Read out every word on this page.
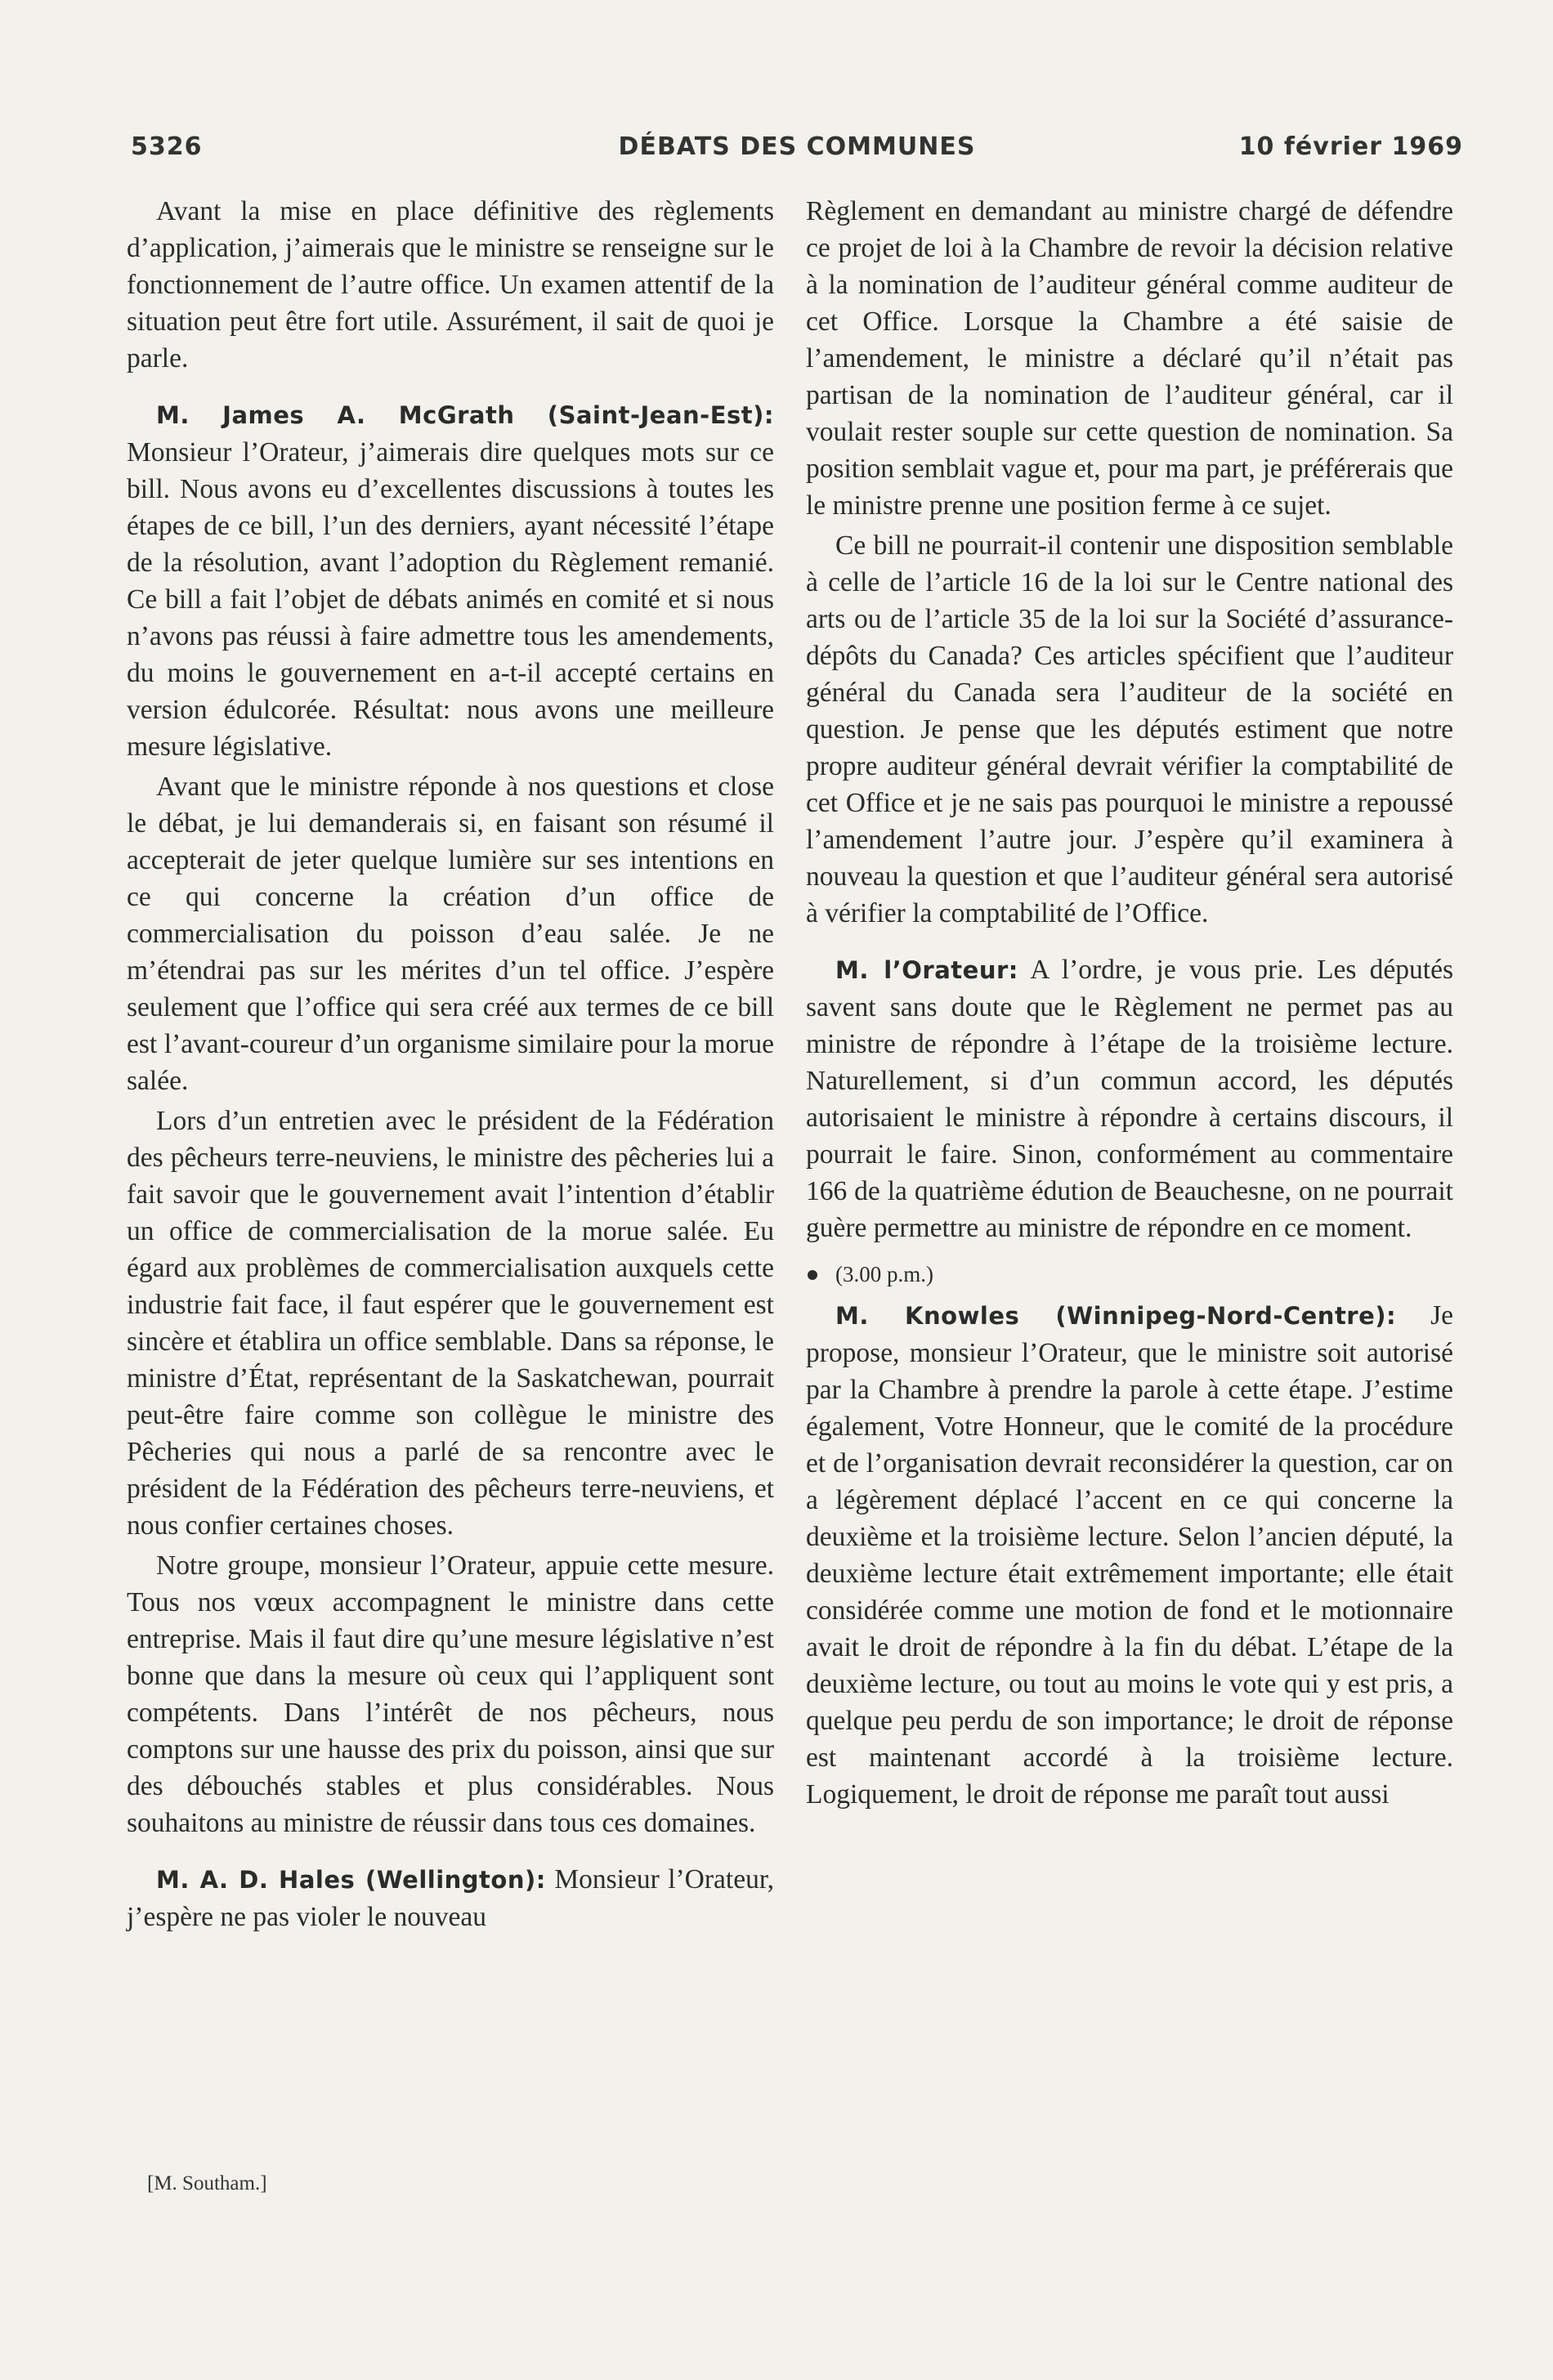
5326	DÉBATS DES COMMUNES	10 février 1969

Avant la mise en place définitive des règlements d’application, j’aimerais que le ministre se renseigne sur le fonctionnement de l’autre office. Un examen attentif de la situation peut être fort utile. Assurément, il sait de quoi je parle.

M. James A. McGrath (Saint-Jean-Est): Monsieur l’Orateur, j’aimerais dire quelques mots sur ce bill. Nous avons eu d’excellentes discussions à toutes les étapes de ce bill, l’un des derniers, ayant nécessité l’étape de la résolution, avant l’adoption du Règlement remanié. Ce bill a fait l’objet de débats animés en comité et si nous n’avons pas réussi à faire admettre tous les amendements, du moins le gouvernement en a-t-il accepté certains en version édulcorée. Résultat: nous avons une meilleure mesure législative.

Avant que le ministre réponde à nos questions et close le débat, je lui demanderais si, en faisant son résumé il accepterait de jeter quelque lumière sur ses intentions en ce qui concerne la création d’un office de commercialisation du poisson d’eau salée. Je ne m’étendrai pas sur les mérites d’un tel office. J’espère seulement que l’office qui sera créé aux termes de ce bill est l’avant-coureur d’un organisme similaire pour la morue salée.

Lors d’un entretien avec le président de la Fédération des pêcheurs terre-neuviens, le ministre des pêcheries lui a fait savoir que le gouvernement avait l’intention d’établir un office de commercialisation de la morue salée. Eu égard aux problèmes de commercialisation auxquels cette industrie fait face, il faut espérer que le gouvernement est sincère et établira un office semblable. Dans sa réponse, le ministre d’État, représentant de la Saskatchewan, pourrait peut-être faire comme son collègue le ministre des Pêcheries qui nous a parlé de sa rencontre avec le président de la Fédération des pêcheurs terre-neuviens, et nous confier certaines choses.

Notre groupe, monsieur l’Orateur, appuie cette mesure. Tous nos vœux accompagnent le ministre dans cette entreprise. Mais il faut dire qu’une mesure législative n’est bonne que dans la mesure où ceux qui l’appliquent sont compétents. Dans l’intérêt de nos pêcheurs, nous comptons sur une hausse des prix du poisson, ainsi que sur des débouchés stables et plus considérables. Nous souhaitons au ministre de réussir dans tous ces domaines.

M. A. D. Hales (Wellington): Monsieur l’Orateur, j’espère ne pas violer le nouveau

Règlement en demandant au ministre chargé de défendre ce projet de loi à la Chambre de revoir la décision relative à la nomination de l’auditeur général comme auditeur de cet Office. Lorsque la Chambre a été saisie de l’amendement, le ministre a déclaré qu’il n’était pas partisan de la nomination de l’auditeur général, car il voulait rester souple sur cette question de nomination. Sa position semblait vague et, pour ma part, je préférerais que le ministre prenne une position ferme à ce sujet.

Ce bill ne pourrait-il contenir une disposition semblable à celle de l’article 16 de la loi sur le Centre national des arts ou de l’article 35 de la loi sur la Société d’assurance-dépôts du Canada? Ces articles spécifient que l’auditeur général du Canada sera l’auditeur de la société en question. Je pense que les députés estiment que notre propre auditeur général devrait vérifier la comptabilité de cet Office et je ne sais pas pourquoi le ministre a repoussé l’amendement l’autre jour. J’espère qu’il examinera à nouveau la question et que l’auditeur général sera autorisé à vérifier la comptabilité de l’Office.

M. l’Orateur: A l’ordre, je vous prie. Les députés savent sans doute que le Règlement ne permet pas au ministre de répondre à l’étape de la troisième lecture. Naturellement, si d’un commun accord, les députés autorisaient le ministre à répondre à certains discours, il pourrait le faire. Sinon, conformément au commentaire 166 de la quatrième édution de Beauchesne, on ne pourrait guère permettre au ministre de répondre en ce moment.

(3.00 p.m.)

M. Knowles (Winnipeg-Nord-Centre): Je propose, monsieur l’Orateur, que le ministre soit autorisé par la Chambre à prendre la parole à cette étape. J’estime également, Votre Honneur, que le comité de la procédure et de l’organisation devrait reconsidérer la question, car on a légèrement déplacé l’accent en ce qui concerne la deuxième et la troisième lecture. Selon l’ancien député, la deuxième lecture était extrêmement importante; elle était considérée comme une motion de fond et le motionnaire avait le droit de répondre à la fin du débat. L’étape de la deuxième lecture, ou tout au moins le vote qui y est pris, a quelque peu perdu de son importance; le droit de réponse est maintenant accordé à la troisième lecture. Logiquement, le droit de réponse me paraît tout aussi

[M. Southam.]
